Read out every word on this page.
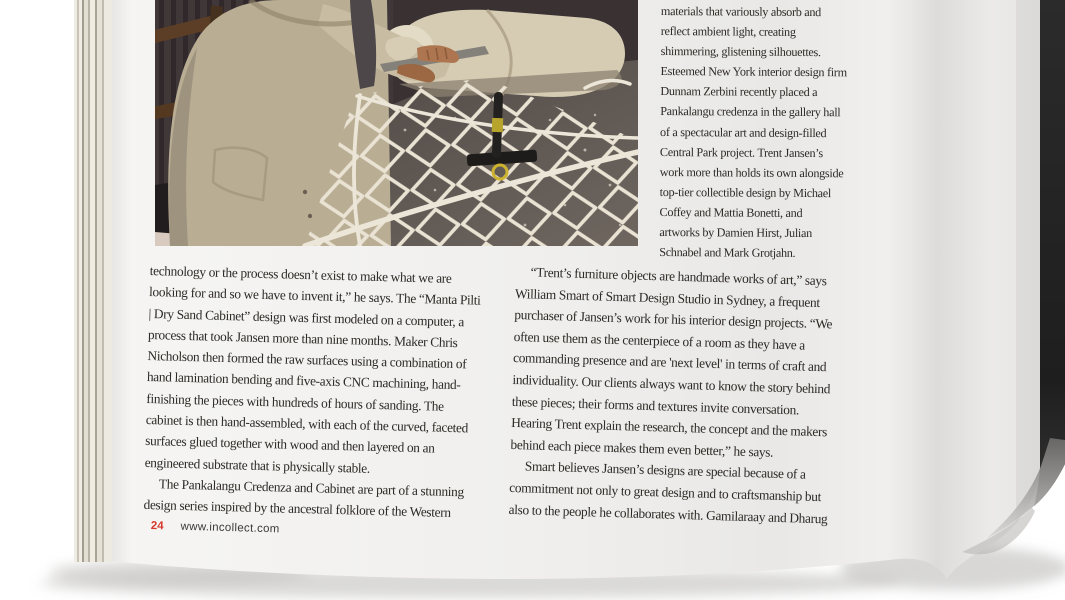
materials that variously absorb and
reflect ambient light, creating
shimmering, glistening silhouettes.
Esteemed New York interior design firm
Dunnam Zerbini recently placed a
Pankalangu credenza in the gallery hall
of a spectacular art and design-filled
Central Park project. Trent Jansen’s
work more than holds its own alongside
top-tier collectible design by Michael
Coffey and Mattia Bonetti, and
artworks by Damien Hirst, Julian
Schnabel and Mark Grotjahn.
technology or the process doesn’t exist to make what we are
looking for and so we have to invent it,” he says. The “Manta Pilti
| Dry Sand Cabinet” design was first modeled on a computer, a
process that took Jansen more than nine months. Maker Chris
Nicholson then formed the raw surfaces using a combination of
hand lamination bending and five-axis CNC machining, hand-
finishing the pieces with hundreds of hours of sanding. The
cabinet is then hand-assembled, with each of the curved, faceted
surfaces glued together with wood and then layered on an
engineered substrate that is physically stable.
The Pankalangu Credenza and Cabinet are part of a stunning
design series inspired by the ancestral folklore of the Western
“Trent’s furniture objects are handmade works of art,” says
William Smart of Smart Design Studio in Sydney, a frequent
purchaser of Jansen’s work for his interior design projects. “We
often use them as the centerpiece of a room as they have a
commanding presence and are 'next level' in terms of craft and
individuality. Our clients always want to know the story behind
these pieces; their forms and textures invite conversation.
Hearing Trent explain the research, the concept and the makers
behind each piece makes them even better,” he says.
Smart believes Jansen’s designs are special because of a
commitment not only to great design and to craftsmanship but
also to the people he collaborates with. Gamilaraay and Dharug
24 www.incollect.com
